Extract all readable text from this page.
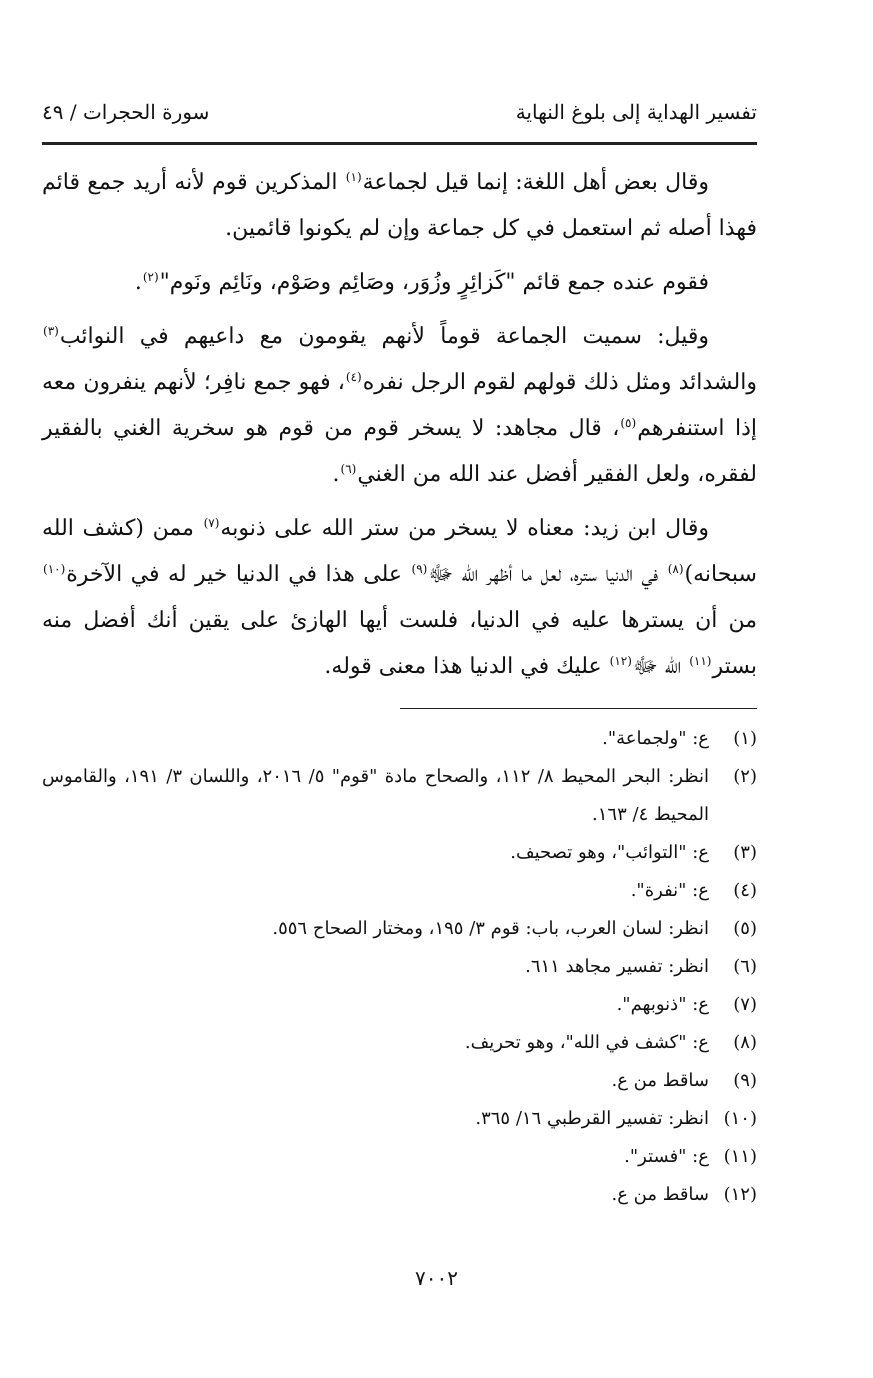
تفسير الهداية إلى بلوغ النهاية
سورة الحجرات / ٤٩

وقال بعض أهل اللغة: إنما قيل لجماعة$^{(١)}$ المذكرين قوم لأنه أريد جمع قائم فهذا أصله ثم استعمل في كل جماعة وإن لم يكونوا قائمين.

فقوم عنده جمع قائم "كَزائِرٍ وزُوَر، وصَائِم وصَوْم، ونَائِم ونَوم"$^{(٢)}$.

وقيل: سميت الجماعة قوماً لأنهم يقومون مع داعيهم في النوائب$^{(٣)}$ والشدائد ومثل ذلك قولهم لقوم الرجل نفره$^{(٤)}$، فهو جمع نافِر؛ لأنهم ينفرون معه إذا استنفرهم$^{(٥)}$، قال مجاهد: لا يسخر قوم من قوم هو سخرية الغني بالفقير لفقره، ولعل الفقير أفضل عند الله من الغني$^{(٦)}$.

وقال ابن زيد: معناه لا يسخر من ستر الله على ذنوبه$^{(٧)}$ ممن (كشف الله سبحانه)$^{(٨)}$ في الدنيا ستره، لعل ما أظهر الله ﷻ$^{(٩)}$ على هذا في الدنيا خير له في الآخرة$^{(١٠)}$ من أن يسترها عليه في الدنيا، فلست أيها الهازئ على يقين أنك أفضل منه بستر$^{(١١)}$ الله ﷻ$^{(١٢)}$ عليك في الدنيا هذا معنى قوله.

(١)
ع: "ولجماعة".
(٢)
انظر: البحر المحيط ٨/ ١١٢، والصحاح مادة "قوم" ٥/ ٢٠١٦، واللسان ٣/ ١٩١، والقاموس المحيط ٤/ ١٦٣.
(٣)
ع: "التوائب"، وهو تصحيف.
(٤)
ع: "نفرة".
(٥)
انظر: لسان العرب، باب: قوم ٣/ ١٩٥، ومختار الصحاح ٥٥٦.
(٦)
انظر: تفسير مجاهد ٦١١.
(٧)
ع: "ذنوبهم".
(٨)
ع: "كشف في الله"، وهو تحريف.
(٩)
ساقط من ع.
(١٠)
انظر: تفسير القرطبي ١٦/ ٣٦٥.
(١١)
ع: "فستر".
(١٢)
ساقط من ع.
٧٠٠٢
